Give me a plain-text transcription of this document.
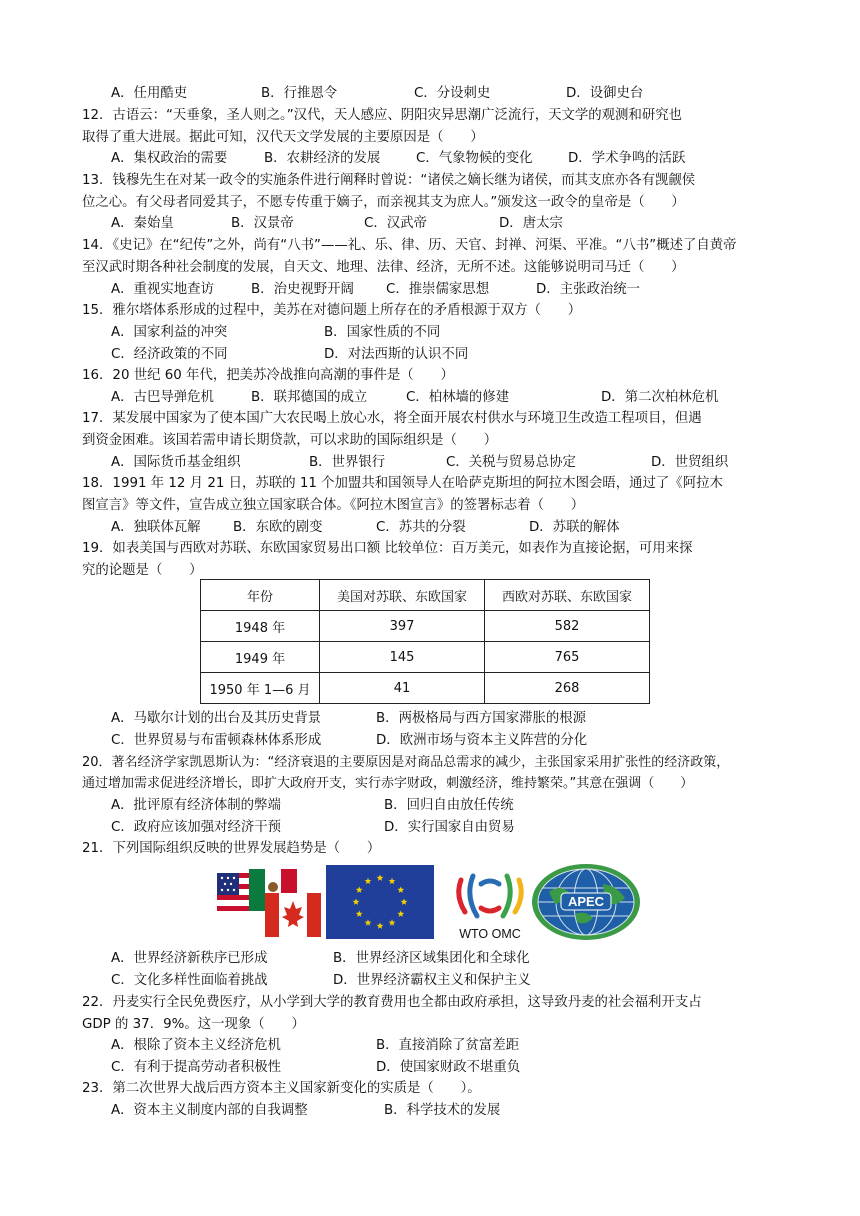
A．任用酷吏	B．行推恩令	C．分设刺史	D．设御史台
12．古语云：“天垂象，圣人则之。”汉代，天人感应、阴阳灾异思潮广泛流行，天文学的观测和研究也
取得了重大进展。据此可知，汉代天文学发展的主要原因是（　　）
A．集权政治的需要	B．农耕经济的发展	C．气象物候的变化	D．学术争鸣的活跃
13．钱穆先生在对某一政令的实施条件进行阐释时曾说：“诸侯之嫡长继为诸侯，而其支庶亦各有觊觎侯
位之心。有父母者同爱其子，不愿专传重于嫡子，而亲视其支为庶人。”颁发这一政令的皇帝是（　　）
A．秦始皇	B．汉景帝	C．汉武帝	D．唐太宗
14．《史记》在“纪传”之外，尚有“八书”——礼、乐、律、历、天官、封禅、河渠、平准。“八书”概述了自黄帝
至汉武时期各种社会制度的发展，自天文、地理、法律、经济，无所不述。这能够说明司马迁（　　）
A．重视实地查访	B．治史视野开阔 C．推崇儒家思想	D．主张政治统一
15．雅尔塔体系形成的过程中，美苏在对德问题上所存在的矛盾根源于双方（　　）
A．国家利益的冲突	B．国家性质的不同
C．经济政策的不同	D．对法西斯的认识不同
16．20 世纪 60 年代，把美苏冷战推向高潮的事件是（　　）
A．古巴导弹危机	B．联邦德国的成立	C．柏林墙的修建	D．第二次柏林危机
17．某发展中国家为了使本国广大农民喝上放心水，将全面开展农村供水与环境卫生改造工程项目，但遇
到资金困难。该国若需申请长期贷款，可以求助的国际组织是（　　）
A．国际货币基金组织	B．世界银行	C．关税与贸易总协定	D．世贸组织
18．1991 年 12 月 21 日，苏联的 11 个加盟共和国领导人在哈萨克斯坦的阿拉木图会晤，通过了《阿拉木
图宣言》等文件，宣告成立独立国家联合体。《阿拉木图宣言》的签署标志着（　　）
A．独联体瓦解 B．东欧的剧变	C．苏共的分裂	D．苏联的解体
19．如表美国与西欧对苏联、东欧国家贸易出口额 比较单位：百万美元，如表作为直接论据，可用来探
究的论题是（　　）
年份	美国对苏联、东欧国家	西欧对苏联、东欧国家
1948 年	397	582
1949 年	145	765
1950 年 1—6 月	41	268
A．马歇尔计划的出台及其历史背景	B．两极格局与西方国家滞胀的根源
C．世界贸易与布雷顿森林体系形成	D．欧洲市场与资本主义阵营的分化
20．著名经济学家凯恩斯认为：“经济衰退的主要原因是对商品总需求的减少，主张国家采用扩张性的经济政策，
通过增加需求促进经济增长，即扩大政府开支，实行赤字财政，刺激经济，维持繁荣。”其意在强调（　　）
A．批评原有经济体制的弊端	B．回归自由放任传统
C．政府应该加强对经济干预	D．实行国家自由贸易
21．下列国际组织反映的世界发展趋势是（　　）
WTO OMC
APEC
A．世界经济新秩序已形成	B．世界经济区域集团化和全球化
C．文化多样性面临着挑战	D．世界经济霸权主义和保护主义
22．丹麦实行全民免费医疗，从小学到大学的教育费用也全都由政府承担，这导致丹麦的社会福利开支占
GDP 的 37．9%。这一现象（　　）
A．根除了资本主义经济危机	B．直接消除了贫富差距
C．有利于提高劳动者积极性	D．使国家财政不堪重负
23．第二次世界大战后西方资本主义国家新变化的实质是（　　）。
A．资本主义制度内部的自我调整	B．科学技术的发展
